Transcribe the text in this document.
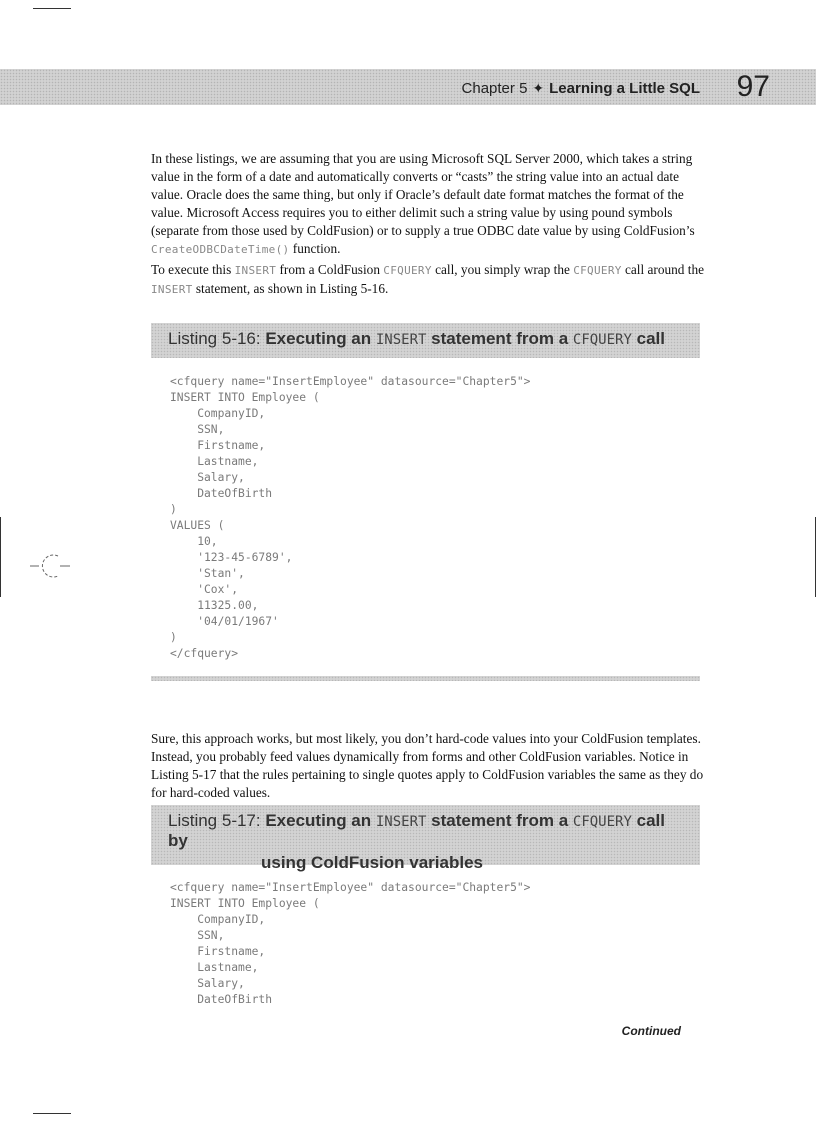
Chapter 5 ✦ Learning a Little SQL 97

In these listings, we are assuming that you are using Microsoft SQL Server 2000, which takes a string value in the form of a date and automatically converts or “casts” the string value into an actual date value. Oracle does the same thing, but only if Oracle’s default date format matches the format of the value. Microsoft Access requires you to either delimit such a string value by using pound symbols (separate from those used by ColdFusion) or to supply a true ODBC date value by using ColdFusion’s CreateODBCDateTime() function.

To execute this INSERT from a ColdFusion CFQUERY call, you simply wrap the CFQUERY call around the INSERT statement, as shown in Listing 5-16.

Listing 5-16: Executing an INSERT statement from a CFQUERY call
<cfquery name="InsertEmployee" datasource="Chapter5">
INSERT INTO Employee (
CompanyID,
SSN,
Firstname,
Lastname,
Salary,
DateOfBirth
)
VALUES (
10,
'123-45-6789',
'Stan',
'Cox',
11325.00,
'04/01/1967'
)
</cfquery>

Sure, this approach works, but most likely, you don’t hard-code values into your ColdFusion templates. Instead, you probably feed values dynamically from forms and other ColdFusion variables. Notice in Listing 5-17 that the rules pertaining to single quotes apply to ColdFusion variables the same as they do for hard-coded values.

Listing 5-17: Executing an INSERT statement from a CFQUERY call by
using ColdFusion variables
<cfquery name="InsertEmployee" datasource="Chapter5">
INSERT INTO Employee (
CompanyID,
SSN,
Firstname,
Lastname,
Salary,
DateOfBirth
Continued
